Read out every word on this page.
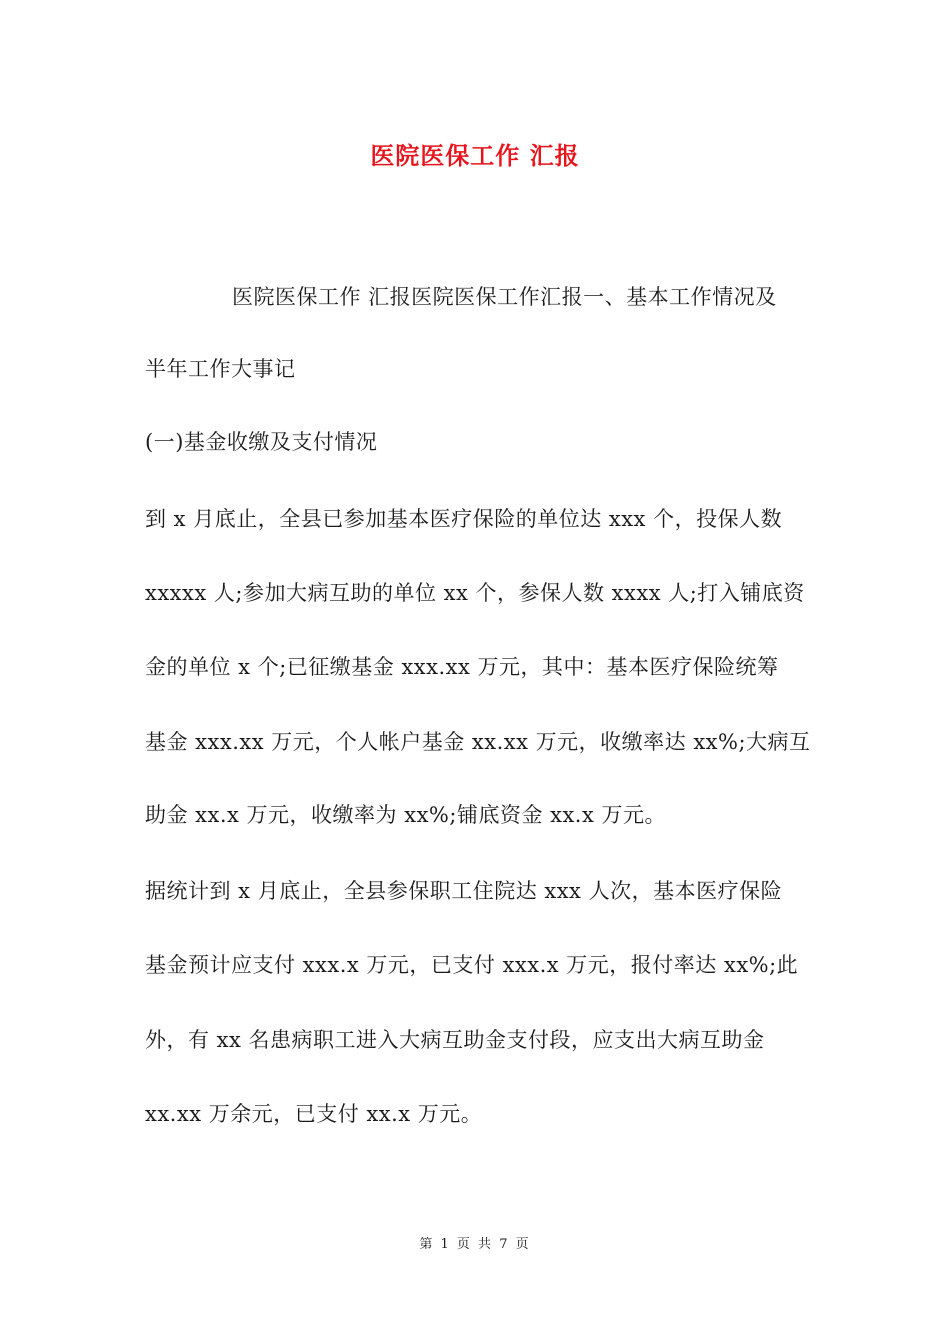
医院医保工作 汇报
医院医保工作 汇报医院医保工作汇报一、基本工作情况及
半年工作大事记
(一)基金收缴及支付情况
到 x 月底止，全县已参加基本医疗保险的单位达 xxx 个，投保人数
xxxxx 人;参加大病互助的单位 xx 个，参保人数 xxxx 人;打入铺底资
金的单位 x 个;已征缴基金 xxx.xx 万元，其中：基本医疗保险统筹
基金 xxx.xx 万元，个人帐户基金 xx.xx 万元，收缴率达 xx%;大病互
助金 xx.x 万元，收缴率为 xx%;铺底资金 xx.x 万元。
据统计到 x 月底止，全县参保职工住院达 xxx 人次，基本医疗保险
基金预计应支付 xxx.x 万元，已支付 xxx.x 万元，报付率达 xx%;此
外，有 xx 名患病职工进入大病互助金支付段，应支出大病互助金
xx.xx 万余元，已支付 xx.x 万元。
第 1 页 共 7 页
